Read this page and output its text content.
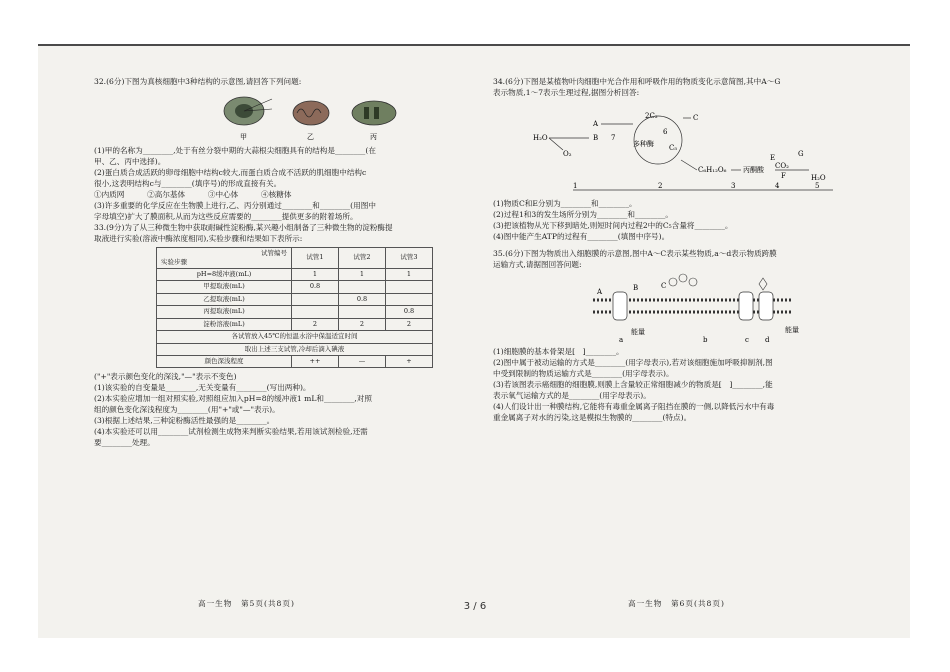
32.(6分)下图为真核细胞中3种结构的示意图,请回答下列问题:

甲	乙	丙

(1)甲的名称为________,处于有丝分裂中期的大蒜根尖细胞具有的结构是________(在

甲、乙、丙中选择)。

(2)蛋白质合成活跃的卵母细胞中结构c较大,而蛋白质合成不活跃的肌细胞中结构c

很小,这表明结构c与________(填序号)的形成直接有关。

①内质网　　　②高尔基体　　　③中心体　　　④核糖体

(3)许多重要的化学反应在生物膜上进行,乙、丙分别通过________和________(用图中

字母填空)扩大了膜面积,从而为这些反应需要的________提供更多的附着场所。

33.(9分)为了从三种微生物中获取耐碱性淀粉酶,某兴趣小组制备了三种微生物的淀粉酶提

取液进行实验(溶液中酶浓度相同),实验步骤和结果如下表所示:

试管编号
实验步骤	试管1	试管2	试管3
pH=8缓冲液(mL)	1	1	1
甲提取液(mL)	0.8		
乙提取液(mL)		0.8	
丙提取液(mL)			0.8
淀粉溶液(mL)	2	2	2
各试管放入45℃的恒温水浴中保温适宜时间			
取出上述三支试管,冷却后滴入碘液			
颜色深浅程度	++	—	+

("+"表示颜色变化的深浅,"—"表示不变色)

(1)该实验的自变量是________,无关变量有________(写出两种)。

(2)本实验应增加一组对照实验,对照组应加入pH=8的缓冲液1 mL和________,对照

组的颜色变化深浅程度为________(用"+"或"—"表示)。

(3)根据上述结果,三种淀粉酶活性最强的是________。

(4)本实验还可以用________试剂检测生成物来判断实验结果,若用该试剂检验,还需

要________处理。

高一生物　第5页(共8页)

34.(6分)下图是某植物叶肉细胞中光合作用和呼吸作用的物质变化示意简图,其中A～G

表示物质,1～7表示生理过程,据图分析回答:

H₂O
O₂
A
B 7
2C₃	C
6
C₅
多种酶
C₆H₁₂O₆ 丙酮酸
E	G
F
CO₂
H₂O
2
1	3	4	5

(1)物质C和E分别为________和________。

(2)过程1和3的发生场所分别为________和________。

(3)把该植物从光下移到暗处,则短时间内过程2中的C₅含量将________。

(4)图中能产生ATP的过程有________(填图中序号)。

35.(6分)下图为物质出入细胞膜的示意图,图中A～C表示某些物质,a～d表示物质跨膜

运输方式,请据图回答问题:

A	B	C
能量	能量
a	b	c d

(1)细胞膜的基本骨架是[　]________。

(2)图中属于被动运输的方式是________(用字母表示),若对该细胞施加呼吸抑制剂,图

中受到限制的物质运输方式是________(用字母表示)。

(3)若该图表示癌细胞的细胞膜,则膜上含量较正常细胞减少的物质是[　]________,能

表示氧气运输方式的是________(用字母表示)。

(4)人们设计出一种膜结构,它能将有毒重金属离子阻挡在膜的一侧,以降低污水中有毒

重金属离子对水的污染,这是模拟生物膜的________(特点)。

高一生物　第6页(共8页)
3 / 6
